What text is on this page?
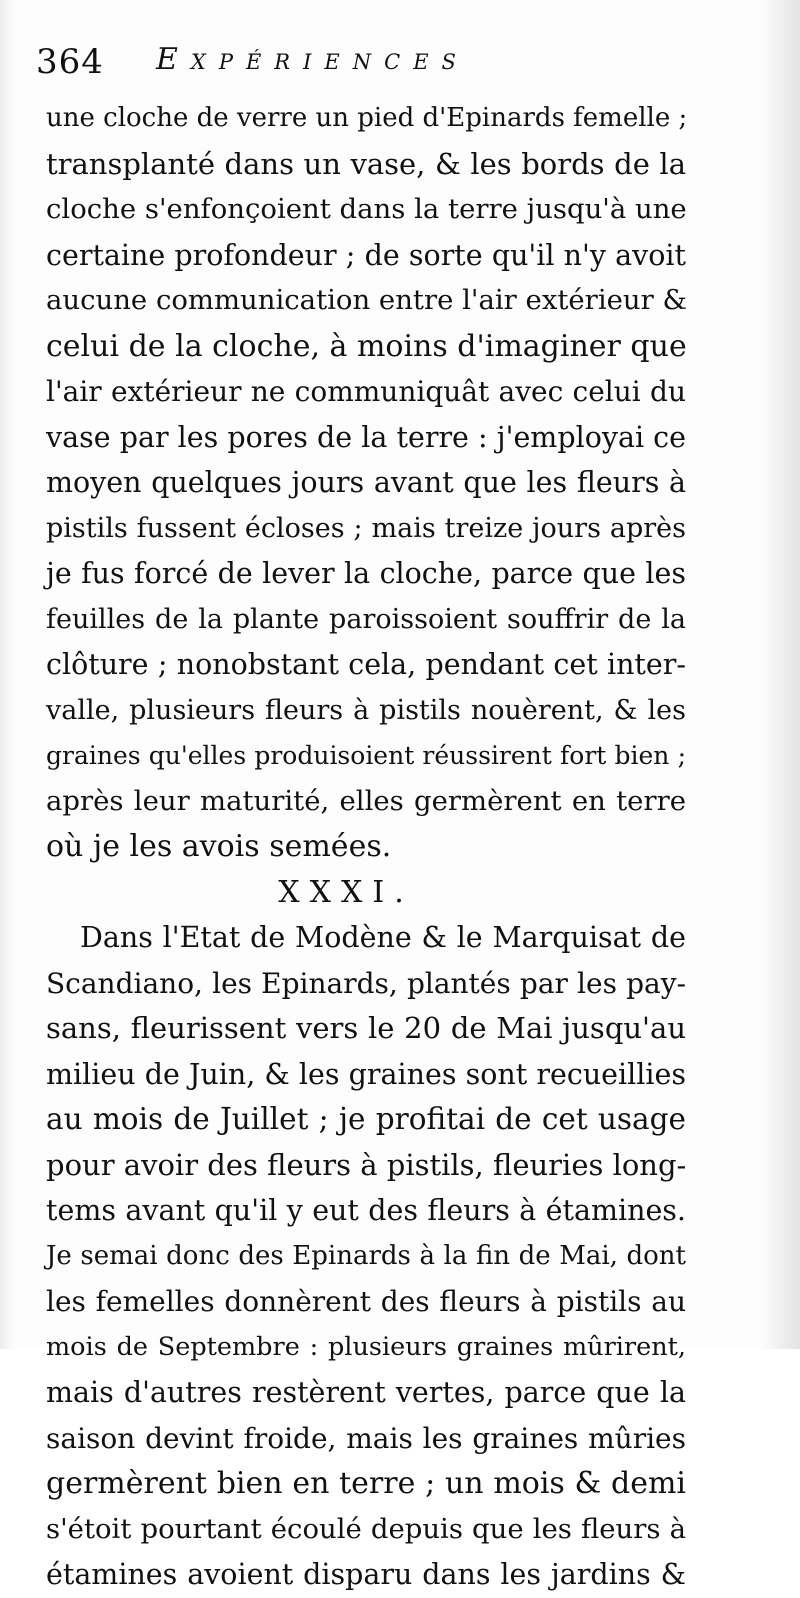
364 Expériences
une cloche de verre un pied d'Epinards femelle ;
transplanté dans un vase, & les bords de la
cloche s'enfonçoient dans la terre jusqu'à une
certaine profondeur ; de sorte qu'il n'y avoit
aucune communication entre l'air extérieur &
celui de la cloche, à moins d'imaginer que
l'air extérieur ne communiquât avec celui du
vase par les pores de la terre : j'employai ce
moyen quelques jours avant que les fleurs à
pistils fussent écloses ; mais treize jours après
je fus forcé de lever la cloche, parce que les
feuilles de la plante paroissoient souffrir de la
clôture ; nonobstant cela, pendant cet inter-
valle, plusieurs fleurs à pistils nouèrent, & les
graines qu'elles produisoient réussirent fort bien ;
après leur maturité, elles germèrent en terre
où je les avois semées.
XXXI.
Dans l'Etat de Modène & le Marquisat de
Scandiano, les Epinards, plantés par les pay-
sans, fleurissent vers le 20 de Mai jusqu'au
milieu de Juin, & les graines sont recueillies
au mois de Juillet ; je profitai de cet usage
pour avoir des fleurs à pistils, fleuries long-
tems avant qu'il y eut des fleurs à étamines.
Je semai donc des Epinards à la fin de Mai, dont
les femelles donnèrent des fleurs à pistils au
mois de Septembre : plusieurs graines mûrirent,
mais d'autres restèrent vertes, parce que la
saison devint froide, mais les graines mûries
germèrent bien en terre ; un mois & demi
s'étoit pourtant écoulé depuis que les fleurs à
étamines avoient disparu dans les jardins &
